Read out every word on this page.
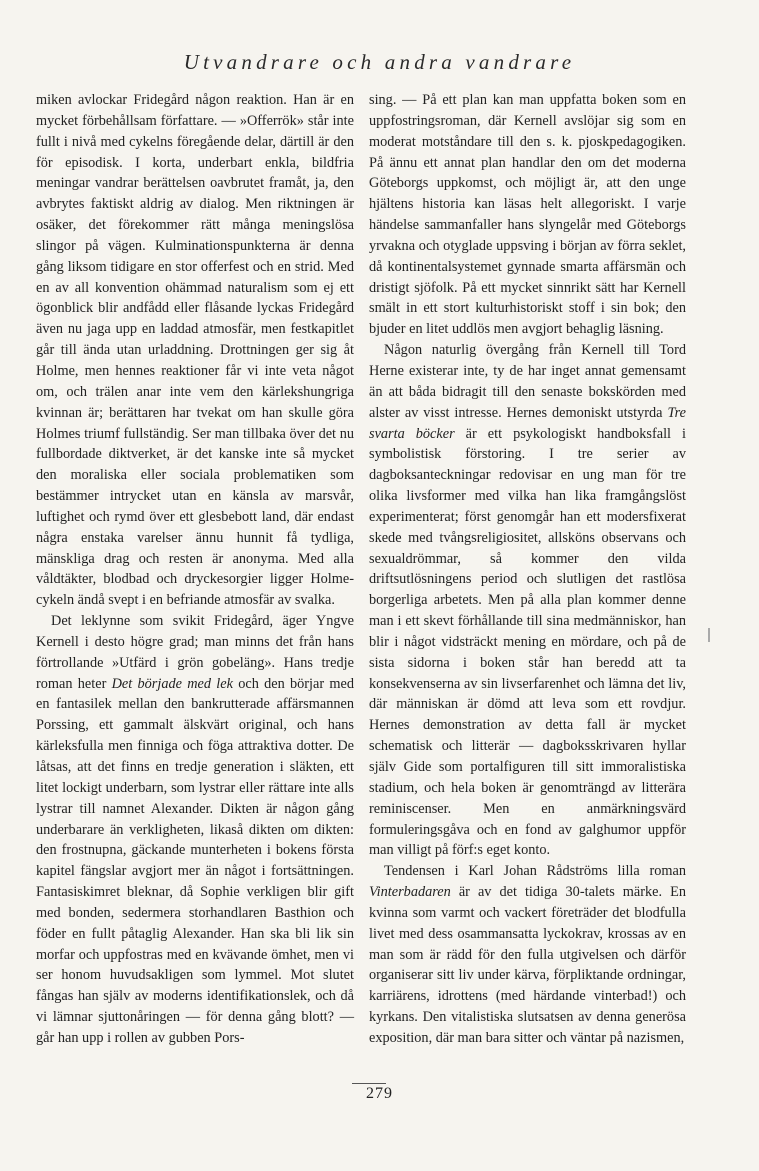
Utvandrare och andra vandrare

miken avlockar Fridegård någon reaktion. Han är en mycket förbehållsam författare. — »Offerrök» står inte fullt i nivå med cykelns föregående delar, därtill är den för episodisk. I korta, underbart enkla, bildfria meningar vandrar berättelsen oavbrutet framåt, ja, den avbrytes faktiskt aldrig av dialog. Men riktningen är osäker, det förekommer rätt många meningslösa slingor på vägen. Kulminationspunkterna är denna gång liksom tidigare en stor offerfest och en strid. Med en av all konvention ohämmad naturalism som ej ett ögonblick blir andfådd eller flåsande lyckas Fridegård även nu jaga upp en laddad atmosfär, men festkapitlet går till ända utan urladdning. Drottningen ger sig åt Holme, men hennes reaktioner får vi inte veta något om, och trälen anar inte vem den kärlekshungriga kvinnan är; berättaren har tvekat om han skulle göra Holmes triumf fullständig. Ser man tillbaka över det nu fullbordade diktverket, är det kanske inte så mycket den moraliska eller sociala problematiken som bestämmer intrycket utan en känsla av marsvår, luftighet och rymd över ett glesbebott land, där endast några enstaka varelser ännu hunnit få tydliga, mänskliga drag och resten är anonyma. Med alla våldtäkter, blodbad och dryckesorgier ligger Holme-cykeln ändå svept i en befriande atmosfär av svalka.

Det leklynne som svikit Fridegård, äger Yngve Kernell i desto högre grad; man minns det från hans förtrollande »Utfärd i grön gobeläng». Hans tredje roman heter Det började med lek och den börjar med en fantasilek mellan den bankrutterade affärsmannen Porssing, ett gammalt älskvärt original, och hans kärleksfulla men finniga och föga attraktiva dotter. De låtsas, att det finns en tredje generation i släkten, ett litet lockigt underbarn, som lystrar eller rättare inte alls lystrar till namnet Alexander. Dikten är någon gång underbarare än verkligheten, likaså dikten om dikten: den frostnupna, gäckande munterheten i bokens första kapitel fängslar avgjort mer än något i fortsättningen. Fantasiskimret bleknar, då Sophie verkligen blir gift med bonden, sedermera storhandlaren Basthion och föder en fullt påtaglig Alexander. Han ska bli lik sin morfar och uppfostras med en kvävande ömhet, men vi ser honom huvudsakligen som lymmel. Mot slutet fångas han själv av moderns identifikationslek, och då vi lämnar sjuttonåringen — för denna gång blott? — går han upp i rollen av gubben Pors-

sing. — På ett plan kan man uppfatta boken som en uppfostringsroman, där Kernell avslöjar sig som en moderat motståndare till den s. k. pjoskpedagogiken. På ännu ett annat plan handlar den om det moderna Göteborgs uppkomst, och möjligt är, att den unge hjältens historia kan läsas helt allegoriskt. I varje händelse sammanfaller hans slyngelår med Göteborgs yrvakna och otyglade uppsving i början av förra seklet, då kontinentalsystemet gynnade smarta affärsmän och dristigt sjöfolk. På ett mycket sinnrikt sätt har Kernell smält in ett stort kulturhistoriskt stoff i sin bok; den bjuder en litet uddlös men avgjort behaglig läsning.

Någon naturlig övergång från Kernell till Tord Herne existerar inte, ty de har inget annat gemensamt än att båda bidragit till den senaste bokskörden med alster av visst intresse. Hernes demoniskt utstyrda Tre svarta böcker är ett psykologiskt handboksfall i symbolistisk förstoring. I tre serier av dagboksanteckningar redovisar en ung man för tre olika livsformer med vilka han lika framgångslöst experimenterat; först genomgår han ett modersfixerat skede med tvångsreligiositet, allsköns observans och sexualdrömmar, så kommer den vilda driftsutlösningens period och slutligen det rastlösa borgerliga arbetets. Men på alla plan kommer denne man i ett skevt förhållande till sina medmänniskor, han blir i något vidsträckt mening en mördare, och på de sista sidorna i boken står han beredd att ta konsekvenserna av sin livserfarenhet och lämna det liv, där människan är dömd att leva som ett rovdjur. Hernes demonstration av detta fall är mycket schematisk och litterär — dagboksskrivaren hyllar själv Gide som portalfiguren till sitt immoralistiska stadium, och hela boken är genomträngd av litterära reminiscenser. Men en anmärkningsvärd formuleringsgåva och en fond av galghumor uppför man villigt på förf:s eget konto.

Tendensen i Karl Johan Rådströms lilla roman Vinterbadaren är av det tidiga 30-talets märke. En kvinna som varmt och vackert företräder det blodfulla livet med dess osammansatta lyckokrav, krossas av en man som är rädd för den fulla utgivelsen och därför organiserar sitt liv under kärva, förpliktande ordningar, karriärens, idrottens (med härdande vinterbad!) och kyrkans. Den vitalistiska slutsatsen av denna generösa exposition, där man bara sitter och väntar på nazismen,

279
